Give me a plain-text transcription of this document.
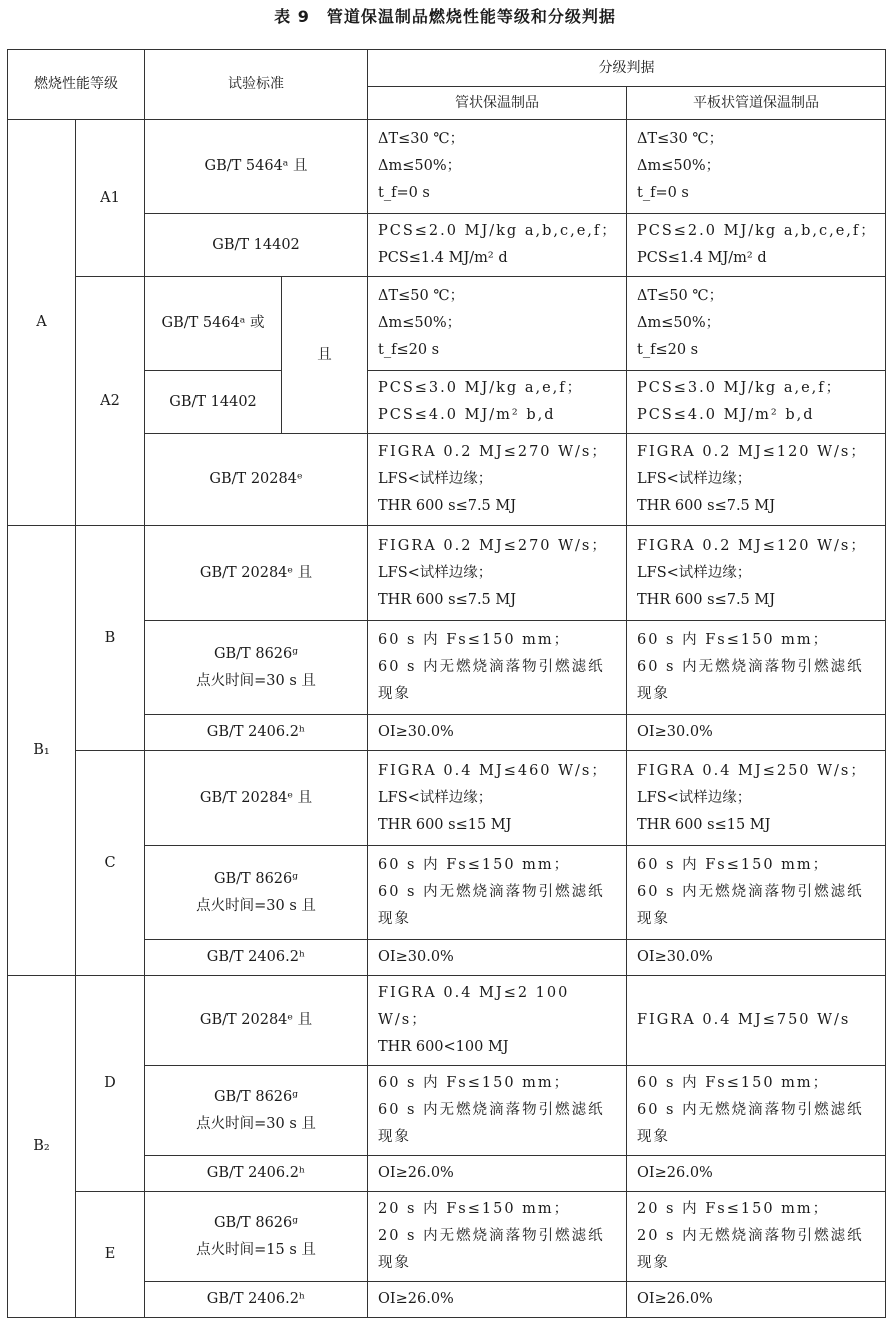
表 9　管道保温制品燃烧性能等级和分级判据
燃烧性能等级		试验标准		分级判据	
				管状保温制品	平板状管道保温制品
A	A1	GB/T 5464ᵃ 且		ΔT≤30 ℃；
Δm≤50%；
t_f=0 s	ΔT≤30 ℃；
Δm≤50%；
t_f=0 s

		GB/T 14402		PCS≤2.0 MJ/kg a,b,c,e,f；
PCS≤1.4 MJ/m² d	PCS≤2.0 MJ/kg a,b,c,e,f；
PCS≤1.4 MJ/m² d

	A2	GB/T 5464ᵃ 或	且	ΔT≤50 ℃；
Δm≤50%；
t_f≤20 s	ΔT≤50 ℃；
Δm≤50%；
t_f≤20 s

		GB/T 14402		PCS≤3.0 MJ/kg a,e,f；
PCS≤4.0 MJ/m² b,d	PCS≤3.0 MJ/kg a,e,f；
PCS≤4.0 MJ/m² b,d

		GB/T 20284ᵉ		FIGRA 0.2 MJ≤270 W/s；
LFS<试样边缘；
THR 600 s≤7.5 MJ	FIGRA 0.2 MJ≤120 W/s；
LFS<试样边缘；
THR 600 s≤7.5 MJ

B₁	B	GB/T 20284ᵉ 且		FIGRA 0.2 MJ≤270 W/s；
LFS<试样边缘；
THR 600 s≤7.5 MJ	FIGRA 0.2 MJ≤120 W/s；
LFS<试样边缘；
THR 600 s≤7.5 MJ

		GB/T 8626ᵍ
点火时间=30 s 且		60 s 内 Fs≤150 mm；
60 s 内无燃烧滴落物引燃滤纸现象	60 s 内 Fs≤150 mm；
60 s 内无燃烧滴落物引燃滤纸现象

		GB/T 2406.2ʰ		OI≥30.0%	OI≥30.0%

	C	GB/T 20284ᵉ 且		FIGRA 0.4 MJ≤460 W/s；
LFS<试样边缘；
THR 600 s≤15 MJ	FIGRA 0.4 MJ≤250 W/s；
LFS<试样边缘；
THR 600 s≤15 MJ

		GB/T 8626ᵍ
点火时间=30 s 且		60 s 内 Fs≤150 mm；
60 s 内无燃烧滴落物引燃滤纸现象	60 s 内 Fs≤150 mm；
60 s 内无燃烧滴落物引燃滤纸现象

		GB/T 2406.2ʰ		OI≥30.0%	OI≥30.0%

B₂	D	GB/T 20284ᵉ 且		FIGRA 0.4 MJ≤2 100 W/s；
THR 600<100 MJ	FIGRA 0.4 MJ≤750 W/s

		GB/T 8626ᵍ
点火时间=30 s 且		60 s 内 Fs≤150 mm；
60 s 内无燃烧滴落物引燃滤纸现象	60 s 内 Fs≤150 mm；
60 s 内无燃烧滴落物引燃滤纸现象

		GB/T 2406.2ʰ		OI≥26.0%	OI≥26.0%

	E	GB/T 8626ᵍ
点火时间=15 s 且		20 s 内 Fs≤150 mm；
20 s 内无燃烧滴落物引燃滤纸现象	20 s 内 Fs≤150 mm；
20 s 内无燃烧滴落物引燃滤纸现象

		GB/T 2406.2ʰ		OI≥26.0%	OI≥26.0%
